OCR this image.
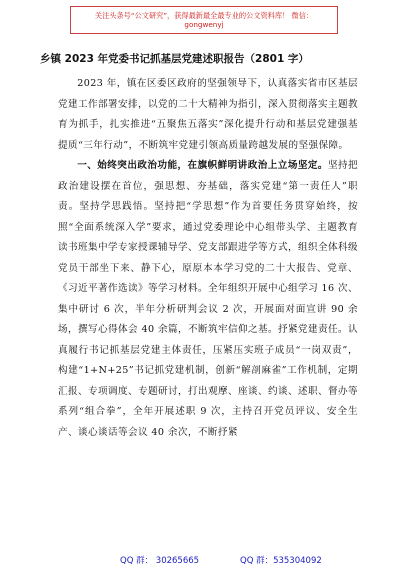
关注头条号“公文研究”，获得最新最全最专业的公文资料库！ 微信：gongwenyj
乡镇 2023 年党委书记抓基层党建述职报告（2801 字）

2023 年，镇在区委区政府的坚强领导下，认真落实省市区基层党建工作部署安排，以党的二十大精神为指引，深入贯彻落实主题教育为抓手，扎实推进“五聚焦五落实”深化提升行动和基层党建强基提质“三年行动”，不断筑牢党建引领高质量跨越发展的坚强保障。

一、始终突出政治功能，在旗帜鲜明讲政治上立场坚定。坚持把政治建设摆在首位，强思想、夯基础，落实党建“第一责任人”职责。坚持学思践悟。坚持把“学思想”作为首要任务贯穿始终，按照“全面系统深入学”要求，通过党委理论中心组带头学、主题教育读书班集中学专家授课辅导学、党支部跟进学等方式，组织全体科级党员干部坐下来、静下心，原原本本学习党的二十大报告、党章、《习近平著作选读》等学习材料。全年组织开展中心组学习 16 次、集中研讨 6 次，半年分析研判会议 2 次，开展面对面宣讲 90 余场，撰写心得体会 40 余篇，不断筑牢信仰之基。抒紧党建责任。认真履行书记抓基层党建主体责任，压紧压实班子成员“一岗双责”，构建“1+N+25”书记抓党建机制，创新“解剖麻雀”工作机制，定期汇报、专项调度、专题研讨，打出观摩、座谈、约谈、述职、督办等系列“组合拳”，全年开展述职 9 次，主持召开党员评议、安全生产、谈心谈话等会议 40 余次，不断抒紧

QQ 群： 30265665	QQ 群：535304092
